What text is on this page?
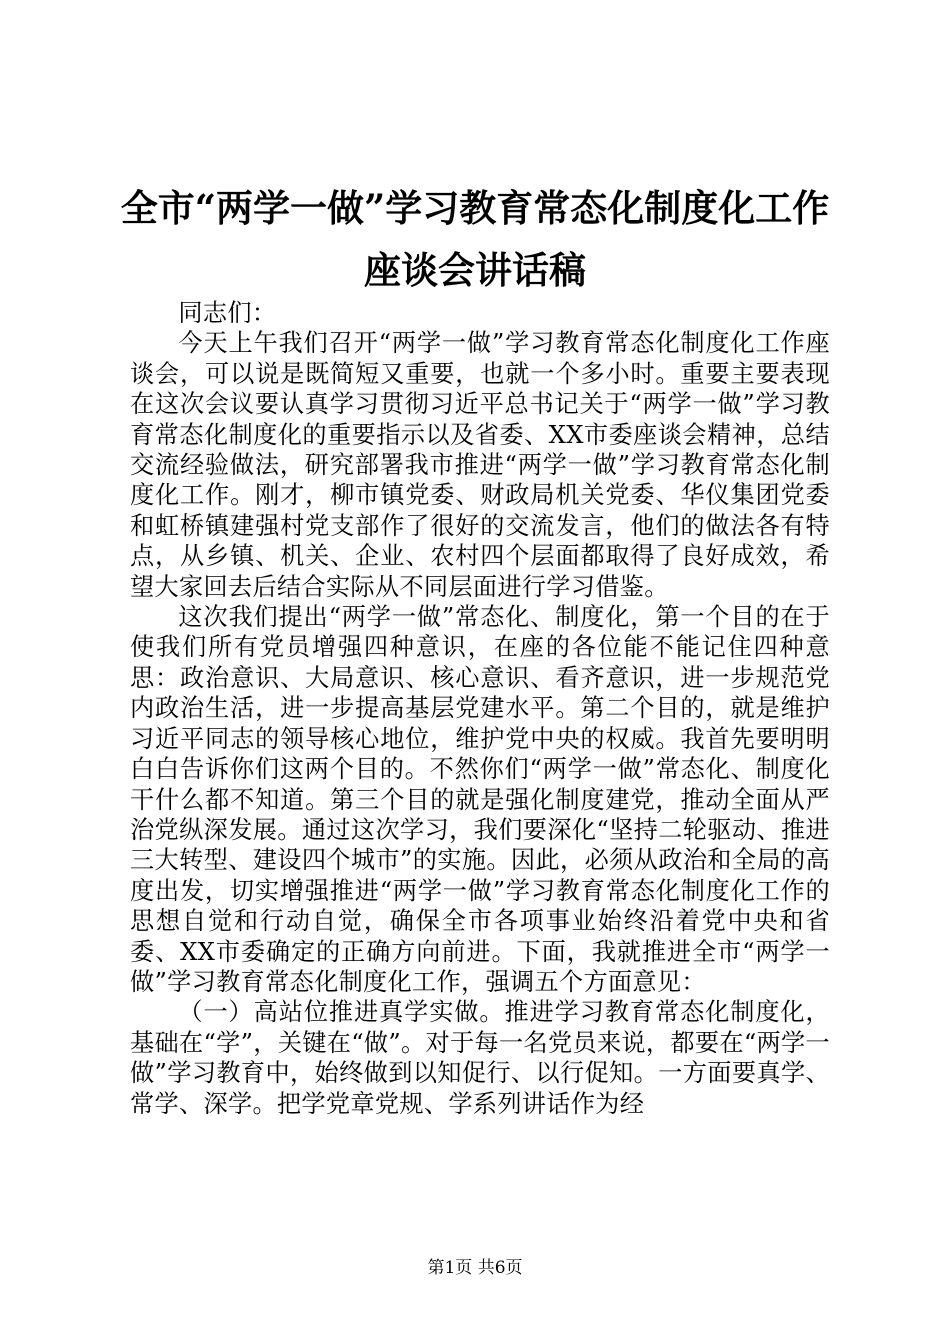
全市“两学一做”学习教育常态化制度化工作
座谈会讲话稿

同志们：

今天上午我们召开“两学一做”学习教育常态化制度化工作座谈会，可以说是既简短又重要，也就一个多小时。重要主要表现在这次会议要认真学习贯彻习近平总书记关于“两学一做”学习教育常态化制度化的重要指示以及省委、XX市委座谈会精神，总结交流经验做法，研究部署我市推进“两学一做”学习教育常态化制度化工作。刚才，柳市镇党委、财政局机关党委、华仪集团党委和虹桥镇建强村党支部作了很好的交流发言，他们的做法各有特点，从乡镇、机关、企业、农村四个层面都取得了良好成效，希望大家回去后结合实际从不同层面进行学习借鉴。

这次我们提出“两学一做”常态化、制度化，第一个目的在于使我们所有党员增强四种意识，在座的各位能不能记住四种意思：政治意识、大局意识、核心意识、看齐意识，进一步规范党内政治生活，进一步提高基层党建水平。第二个目的，就是维护习近平同志的领导核心地位，维护党中央的权威。我首先要明明白白告诉你们这两个目的。不然你们“两学一做”常态化、制度化干什么都不知道。第三个目的就是强化制度建党，推动全面从严治党纵深发展。通过这次学习，我们要深化“坚持二轮驱动、推进三大转型、建设四个城市”的实施。因此，必须从政治和全局的高度出发，切实增强推进“两学一做”学习教育常态化制度化工作的思想自觉和行动自觉，确保全市各项事业始终沿着党中央和省委、XX市委确定的正确方向前进。下面，我就推进全市“两学一做”学习教育常态化制度化工作，强调五个方面意见：

（一）高站位推进真学实做。推进学习教育常态化制度化，基础在“学”，关键在“做”。对于每一名党员来说，都要在“两学一做”学习教育中，始终做到以知促行、以行促知。一方面要真学、常学、深学。把学党章党规、学系列讲话作为经

第1页 共6页
